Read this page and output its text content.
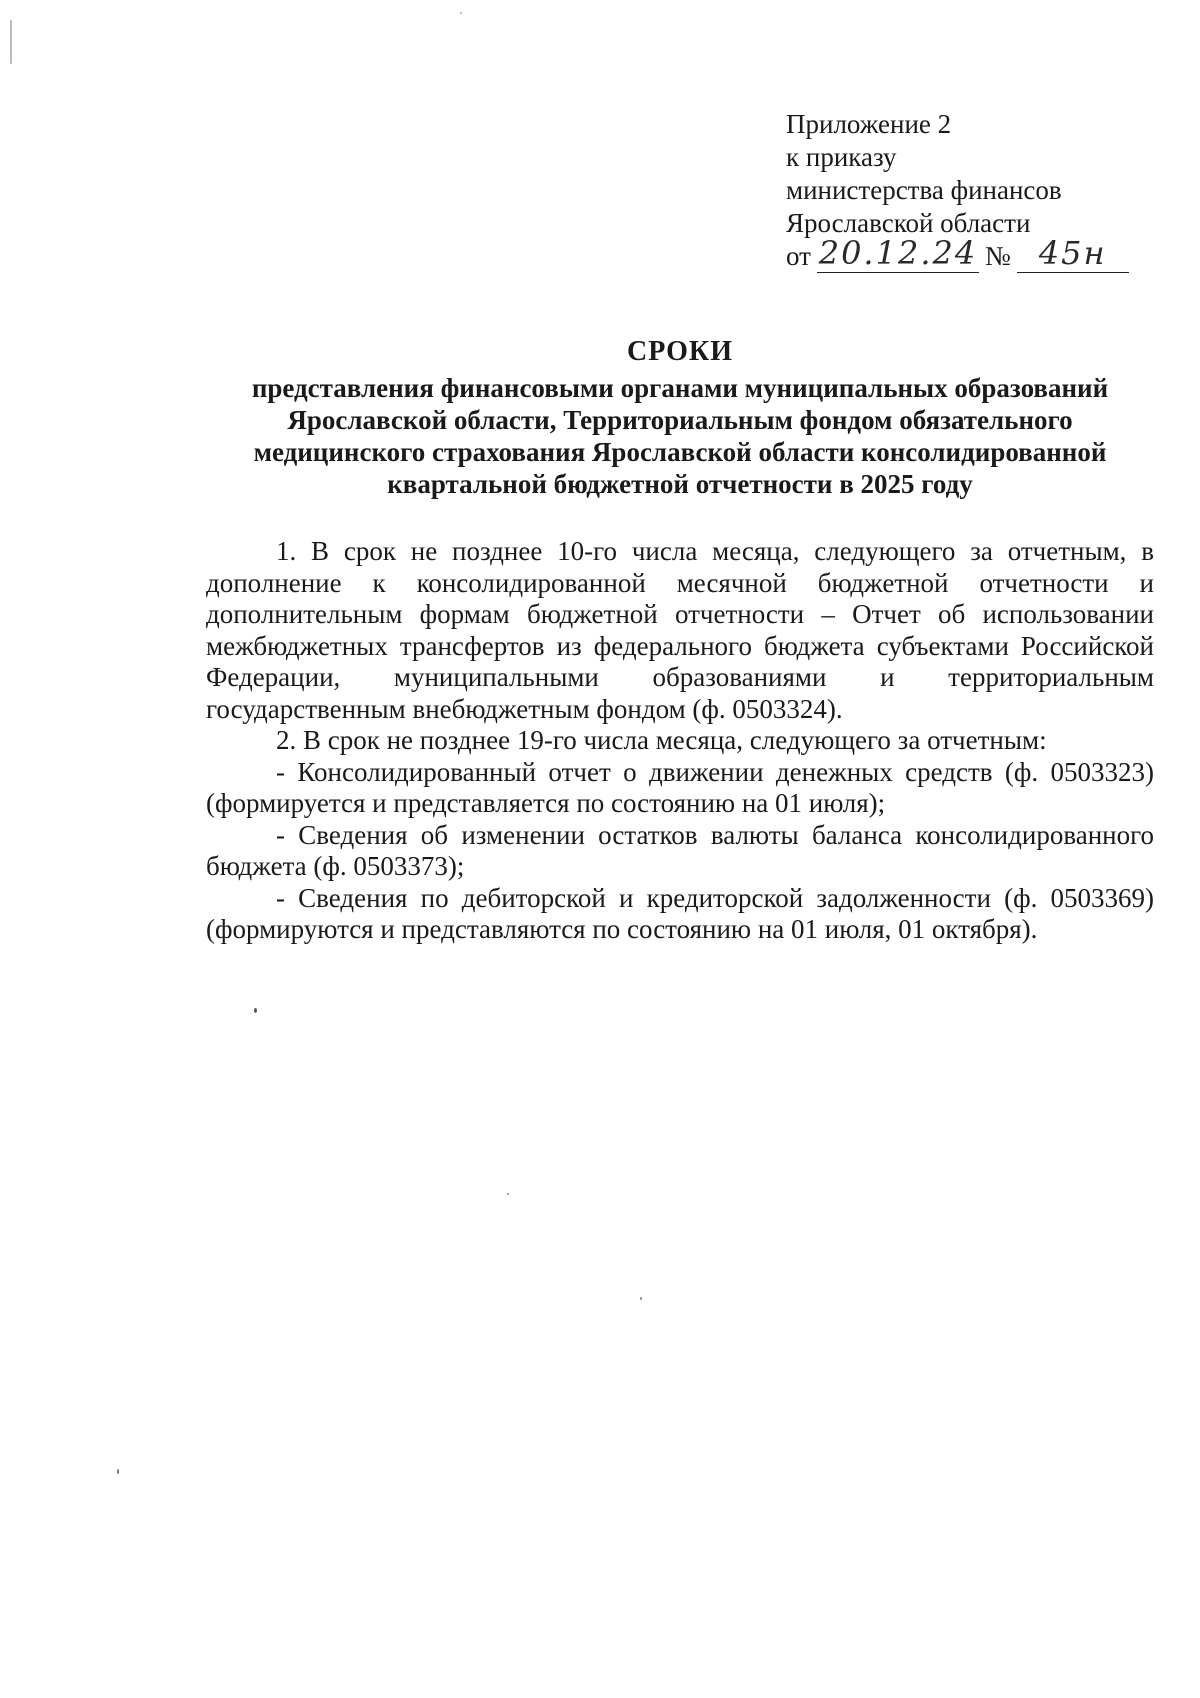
Приложение 2
к приказу
министерства финансов
Ярославской области
от 20.12.24 № 45н
СРОКИ
представления финансовыми органами муниципальных образований
Ярославской области, Территориальным фондом обязательного
медицинского страхования Ярославской области консолидированной
квартальной бюджетной отчетности в 2025 году

1. В срок не позднее 10-го числа месяца, следующего за отчетным, в дополнение к консолидированной месячной бюджетной отчетности и дополнительным формам бюджетной отчетности – Отчет об использовании межбюджетных трансфертов из федерального бюджета субъектами Российской Федерации, муниципальными образованиями и территориальным государственным внебюджетным фондом (ф. 0503324).

2. В срок не позднее 19-го числа месяца, следующего за отчетным:

- Консолидированный отчет о движении денежных средств (ф. 0503323) (формируется и представляется по состоянию на 01 июля);

- Сведения об изменении остатков валюты баланса консолидированного бюджета (ф. 0503373);

- Сведения по дебиторской и кредиторской задолженности (ф. 0503369) (формируются и представляются по состоянию на 01 июля, 01 октября).
